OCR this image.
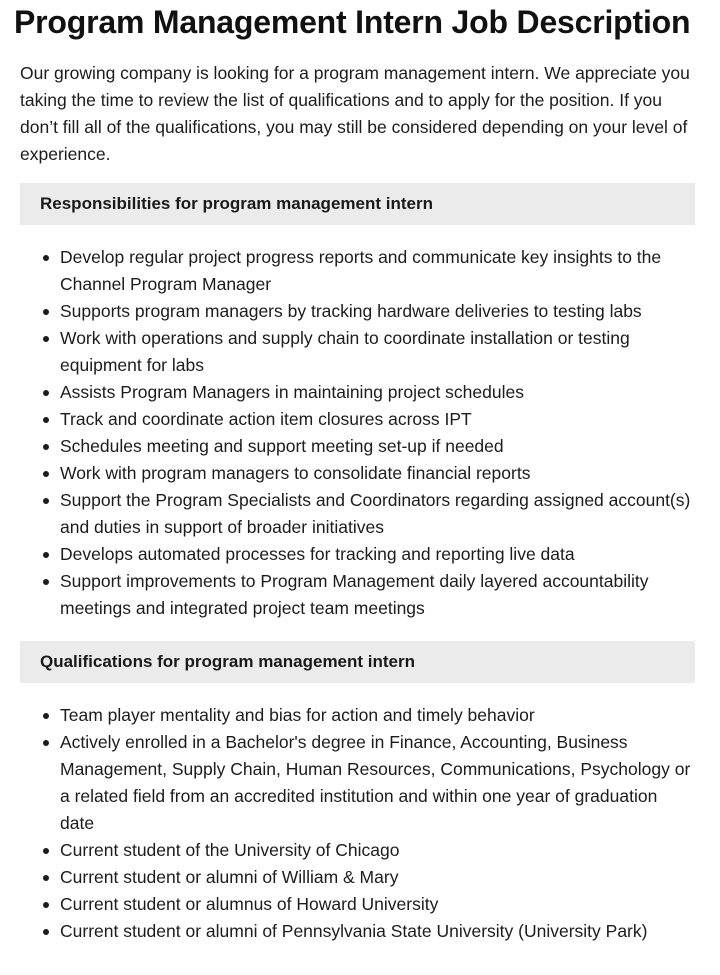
Program Management Intern Job Description

Our growing company is looking for a program management intern. We appreciate you taking the time to review the list of qualifications and to apply for the position. If you don’t fill all of the qualifications, you may still be considered depending on your level of experience.

Responsibilities for program management intern
Develop regular project progress reports and communicate key insights to the Channel Program Manager
Supports program managers by tracking hardware deliveries to testing labs
Work with operations and supply chain to coordinate installation or testing equipment for labs
Assists Program Managers in maintaining project schedules
Track and coordinate action item closures across IPT
Schedules meeting and support meeting set-up if needed
Work with program managers to consolidate financial reports
Support the Program Specialists and Coordinators regarding assigned account(s) and duties in support of broader initiatives
Develops automated processes for tracking and reporting live data
Support improvements to Program Management daily layered accountability meetings and integrated project team meetings
Qualifications for program management intern
Team player mentality and bias for action and timely behavior
Actively enrolled in a Bachelor's degree in Finance, Accounting, Business Management, Supply Chain, Human Resources, Communications, Psychology or a related field from an accredited institution and within one year of graduation date
Current student of the University of Chicago
Current student or alumni of William & Mary
Current student or alumnus of Howard University
Current student or alumni of Pennsylvania State University (University Park)
